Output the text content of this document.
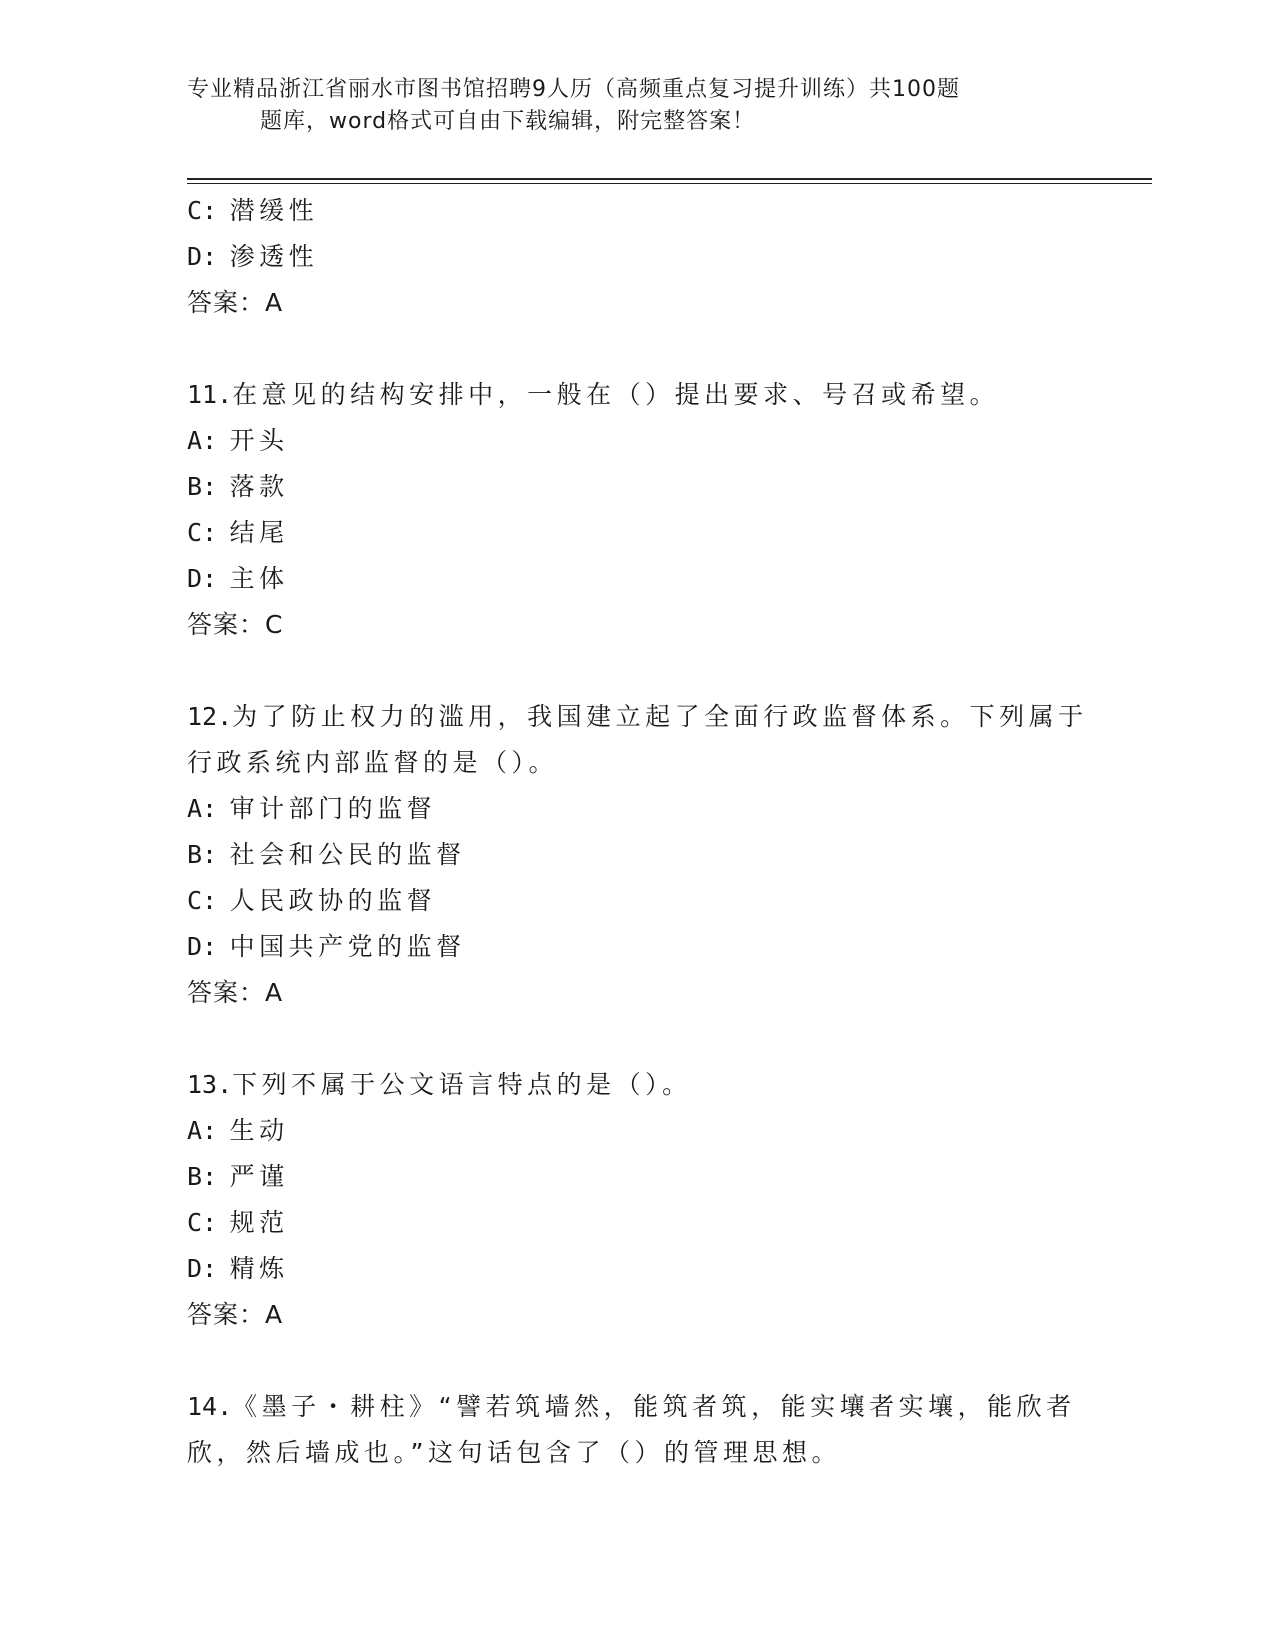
专业精品浙江省丽水市图书馆招聘9人历（高频重点复习提升训练）共100题
题库，word格式可自由下载编辑，附完整答案！
C: 潜缓性
D: 渗透性
答案：A
11.在意见的结构安排中，一般在（）提出要求、号召或希望。
A: 开头
B: 落款
C: 结尾
D: 主体
答案：C
12.为了防止权力的滥用，我国建立起了全面行政监督体系。下列属于
行政系统内部监督的是（）。
A: 审计部门的监督
B: 社会和公民的监督
C: 人民政协的监督
D: 中国共产党的监督
答案：A
13.下列不属于公文语言特点的是（）。
A: 生动
B: 严谨
C: 规范
D: 精炼
答案：A
14.《墨子・耕柱》“譬若筑墙然，能筑者筑，能实壤者实壤，能欣者
欣，然后墙成也。”这句话包含了（）的管理思想。
